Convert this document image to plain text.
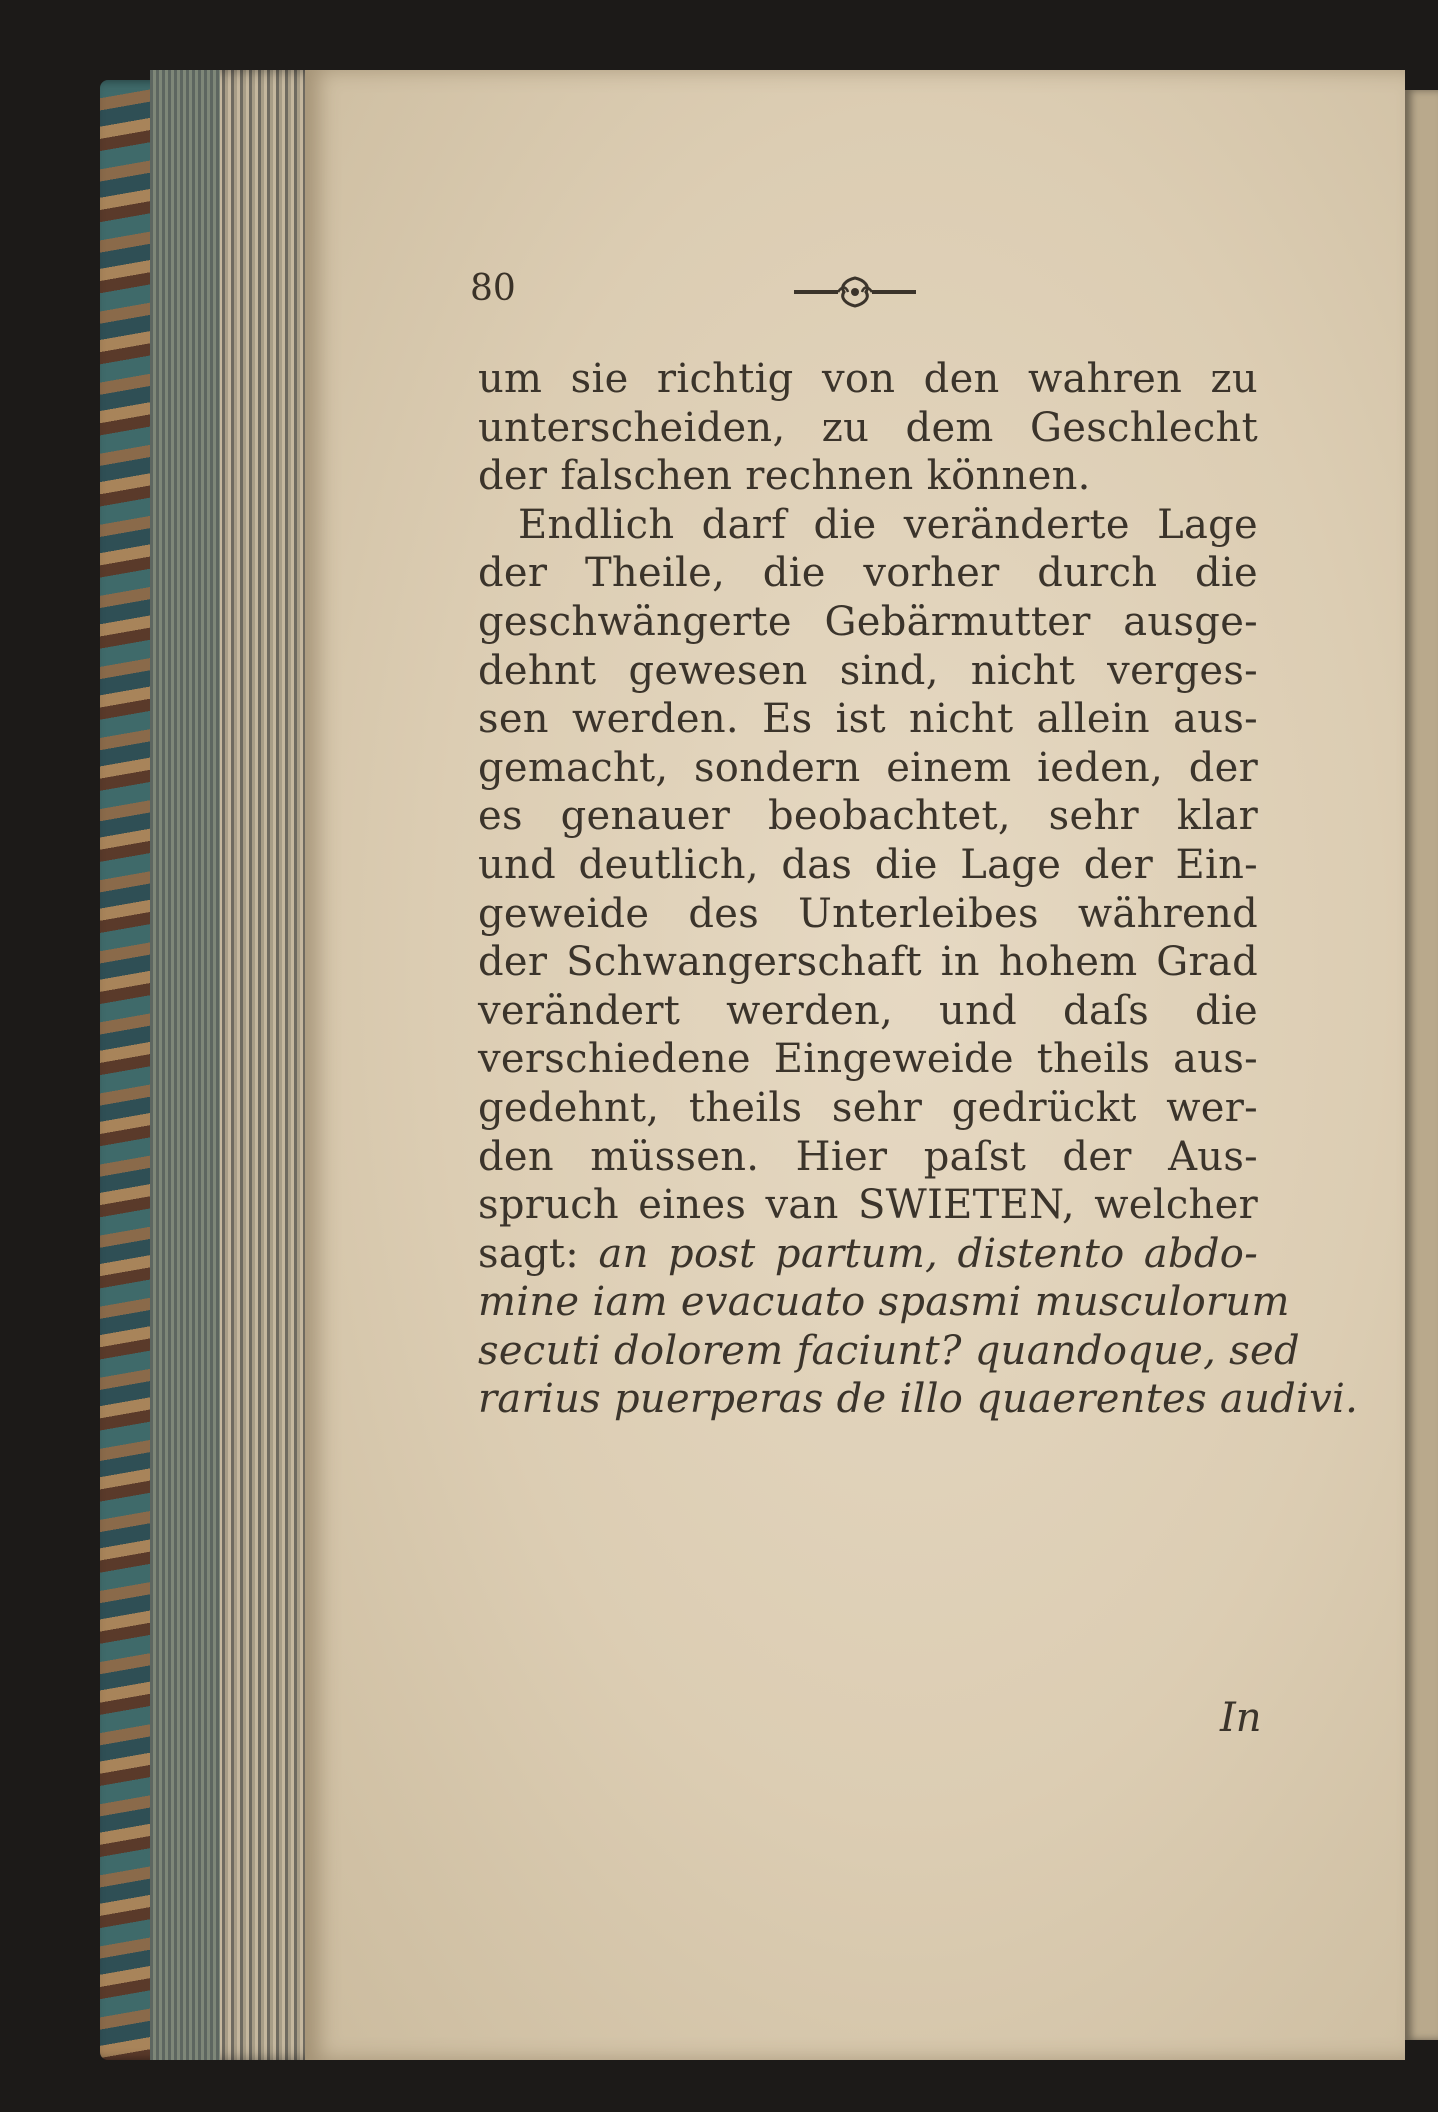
80
um sie richtig von den wahren zu
unterscheiden, zu dem Geschlecht
der falschen rechnen können.
Endlich darf die veränderte Lage
der Theile, die vorher durch die
geschwängerte Gebärmutter ausge-
dehnt gewesen sind, nicht verges-
sen werden. Es ist nicht allein aus-
gemacht, sondern einem ieden, der
es genauer beobachtet, sehr klar
und deutlich, das die Lage der Ein-
geweide des Unterleibes während
der Schwangerschaft in hohem Grad
verändert werden, und daſs die
verschiedene Eingeweide theils aus-
gedehnt, theils sehr gedrückt wer-
den müssen. Hier paſst der Aus-
spruch eines van SWIETEN, welcher
sagt: an post partum, distento abdo-
mine iam evacuato spasmi musculorum
secuti dolorem faciunt? quandoque, sed
rarius puerperas de illo quaerentes audivi.
In
